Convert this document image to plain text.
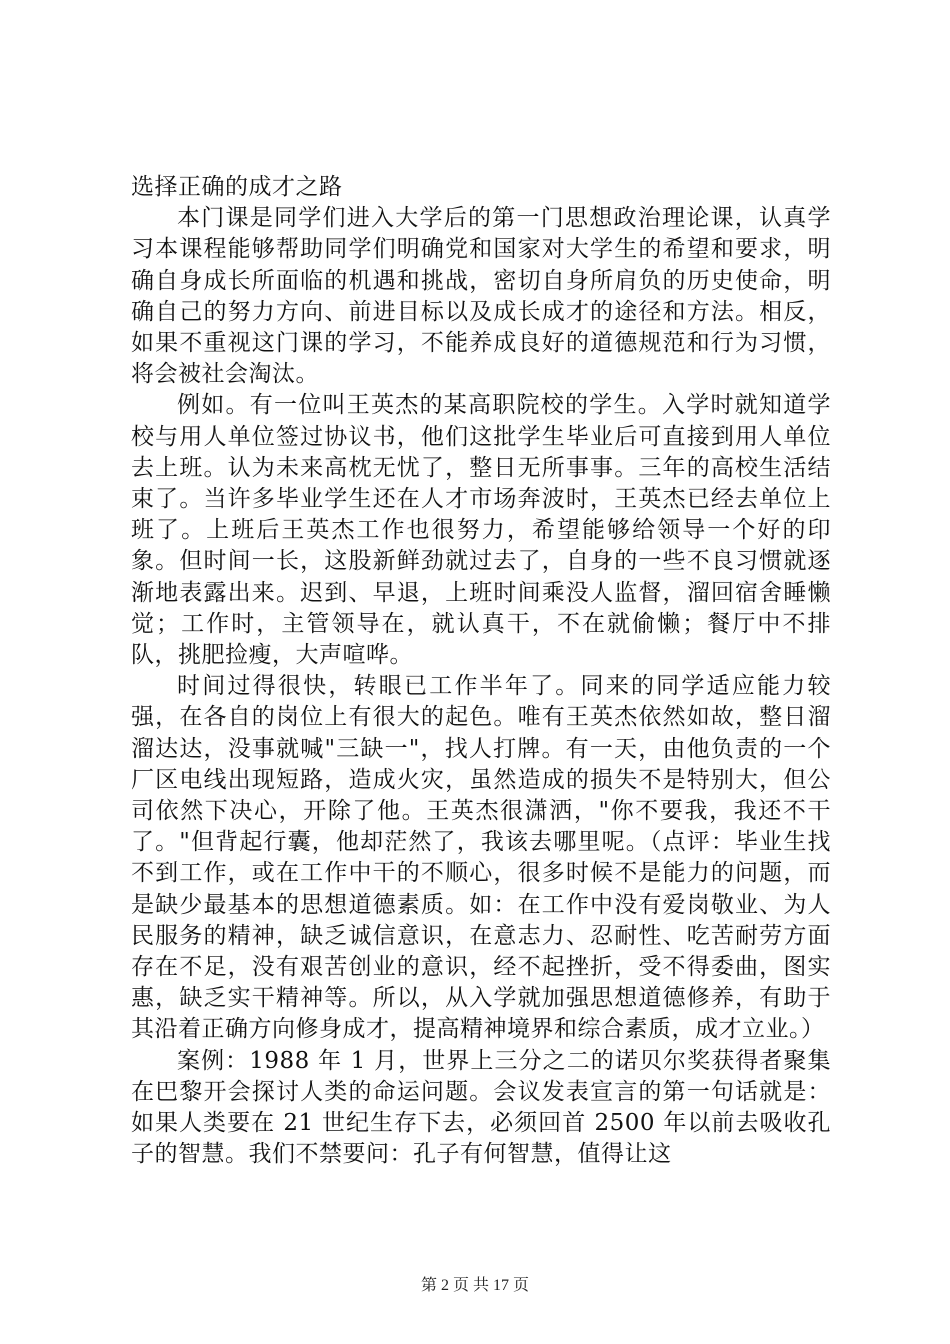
选择正确的成才之路

本门课是同学们进入大学后的第一门思想政治理论课，认真学习本课程能够帮助同学们明确党和国家对大学生的希望和要求，明确自身成长所面临的机遇和挑战，密切自身所肩负的历史使命，明确自己的努力方向、前进目标以及成长成才的途径和方法。相反，如果不重视这门课的学习，不能养成良好的道德规范和行为习惯，将会被社会淘汰。

例如。有一位叫王英杰的某高职院校的学生。入学时就知道学校与用人单位签过协议书，他们这批学生毕业后可直接到用人单位去上班。认为未来高枕无忧了，整日无所事事。三年的高校生活结束了。当许多毕业学生还在人才市场奔波时，王英杰已经去单位上班了。上班后王英杰工作也很努力，希望能够给领导一个好的印象。但时间一长，这股新鲜劲就过去了，自身的一些不良习惯就逐渐地表露出来。迟到、早退，上班时间乘没人监督，溜回宿舍睡懒觉；工作时，主管领导在，就认真干，不在就偷懒；餐厅中不排队，挑肥捡瘦，大声喧哗。

时间过得很快，转眼已工作半年了。同来的同学适应能力较强，在各自的岗位上有很大的起色。唯有王英杰依然如故，整日溜溜达达，没事就喊"三缺一"，找人打牌。有一天，由他负责的一个厂区电线出现短路，造成火灾，虽然造成的损失不是特别大，但公司依然下决心，开除了他。王英杰很潇洒，"你不要我，我还不干了。"但背起行囊，他却茫然了，我该去哪里呢。（点评：毕业生找不到工作，或在工作中干的不顺心，很多时候不是能力的问题，而是缺少最基本的思想道德素质。如：在工作中没有爱岗敬业、为人民服务的精神，缺乏诚信意识，在意志力、忍耐性、吃苦耐劳方面存在不足，没有艰苦创业的意识，经不起挫折，受不得委曲，图实惠，缺乏实干精神等。所以，从入学就加强思想道德修养，有助于其沿着正确方向修身成才，提高精神境界和综合素质，成才立业。）

案例：1988 年 1 月，世界上三分之二的诺贝尔奖获得者聚集在巴黎开会探讨人类的命运问题。会议发表宣言的第一句话就是：如果人类要在 21 世纪生存下去，必须回首 2500 年以前去吸收孔子的智慧。我们不禁要问：孔子有何智慧，值得让这

第 2 页 共 17 页
